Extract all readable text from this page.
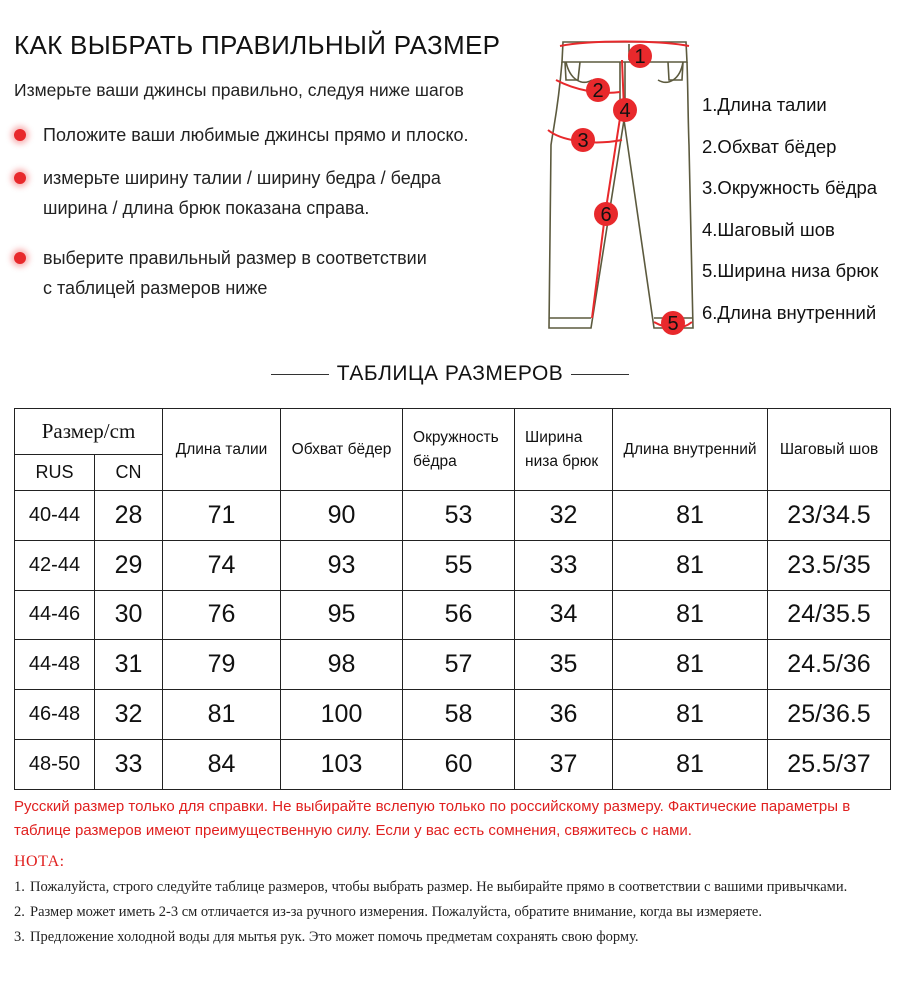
КАК ВЫБРАТЬ ПРАВИЛЬНЫЙ РАЗМЕР
Измерьте ваши джинсы правильно, следуя ниже шагов
Положите ваши любимые джинсы прямо и плоско.
измерьте ширину талии / ширину бедра / бедра
ширина / длина брюк показана справа.
выберите правильный размер в соответствии
с таблицей размеров ниже
1
2
4
3
6
5
1.Длина талии
2.Обхват бёдер
3.Окружность бёдра
4.Шаговый шов
5.Ширина низа брюк
6.Длина внутренний
ТАБЛИЦА РАЗМЕРОВ
Размер/cm		Длина талии	Обхват бёдер	Окружность бёдра	Ширина низа брюк	Длина внутренний	Шаговый шов
RUS	CN						
40-44	28	71	90	53	32	81	23/34.5
42-44	29	74	93	55	33	81	23.5/35
44-46	30	76	95	56	34	81	24/35.5
44-48	31	79	98	57	35	81	24.5/36
46-48	32	81	100	58	36	81	25/36.5
48-50	33	84	103	60	37	81	25.5/37
Русский размер только для справки. Не выбирайте вслепую только по российскому размеру. Фактические параметры в таблице размеров имеют преимущественную силу. Если у вас есть сомнения, свяжитесь с нами.
НОТА:
1. Пожалуйста, строго следуйте таблице размеров, чтобы выбрать размер. Не выбирайте прямо в соответствии с вашими привычками.
2. Размер может иметь 2-3 см отличается из-за ручного измерения. Пожалуйста, обратите внимание, когда вы измеряете.
3. Предложение холодной воды для мытья рук. Это может помочь предметам сохранять свою форму.
